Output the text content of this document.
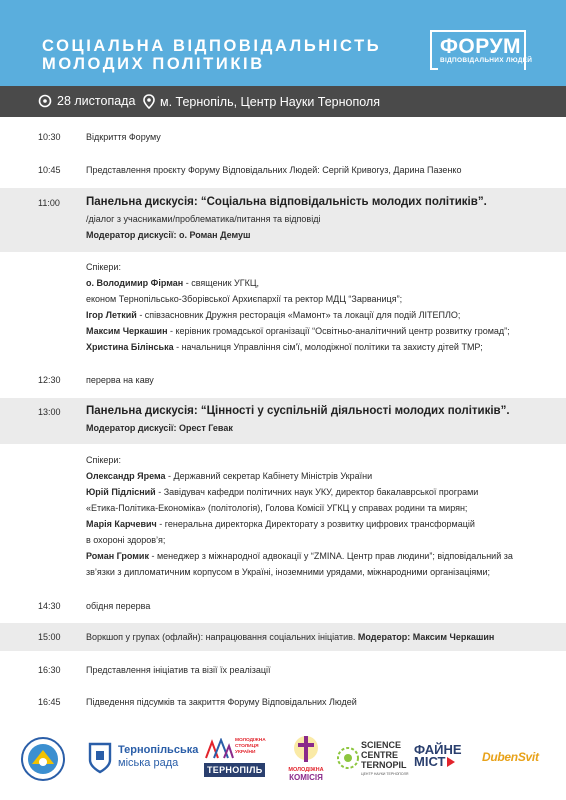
СОЦІАЛЬНА ВІДПОВІДАЛЬНІСТЬ
МОЛОДИХ ПОЛІТИКІВ
ФОРУМ
ВІДПОВІДАЛЬНИХ ЛЮДЕЙ
28 листопада м. Тернопіль, Центр Науки Тернополя
10:30	Відкриття Форуму
10:45	Представлення проєкту Форуму Відповідальних Людей: Сергій Кривогуз, Дарина Пазенко
11:00 Панельна дискусія: “Соціальна відповідальність молодих політиків”.
/діалог з учасниками/проблематика/питання та відповіді
Модератор дискусії: о. Роман Демуш
Спікери:
о. Володимир Фірман - священик УГКЦ,
економ Тернопільсько-Зборівської Архиєпархії та ректор МДЦ “Зарваниця”;
Ігор Леткий - співзасновник Дружня ресторація «Мамонт» та локації для подій ЛІТЕПЛО;
Максим Черкашин - керівник громадської організації “Освітньо-аналітичний центр розвитку громад”;
Христина Білінська - начальниця Управління сім'ї, молодіжної політики та захисту дітей ТМР;
12:30	перерва на каву
13:00 Панельна дискусія: “Цінності у суспільній діяльності молодих політиків”.
Модератор дискусії: Орест Гевак
Спікери:
Олександр Ярема - Державний секретар Кабінету Міністрів України
Юрій Підлісний - Завідувач кафедри політичних наук УКУ, директор бакалаврської програми
«Етика-Політика-Економіка» (політологія), Голова Комісії УГКЦ у справах родини та мирян;
Марія Карчевич - генеральна директорка Директорату з розвитку цифрових трансформацій
в охороні здоров’я;
Роман Громик - менеджер з міжнародної адвокації у “ZMINA. Центр прав людини”; відповідальний за
зв’язки з дипломатичним корпусом в Україні, іноземними урядами, міжнародними організаціями;
14:30	обідня перерва
15:00	Воркшоп у групах (офлайн): напрацювання соціальних ініціатив. Модератор: Максим Черкашин
16:30	Представлення ініціатив та візії їх реалізації
16:45	Підведення підсумків та закриття Форуму Відповідальних Людей
Тернопільська
міська рада
МОЛОДІЖНА
СТОЛИЦЯ
УКРАЇНИ
ТЕРНОПІЛЬ	МОЛОДІЖНА
КОМІСІЯ
SCIENCE
CENTRE
TERNOPIL
ЦЕНТР НАУКИ ТЕРНОПОЛЯ
ФАЙНЕ
МІСТ	DubenSvit
